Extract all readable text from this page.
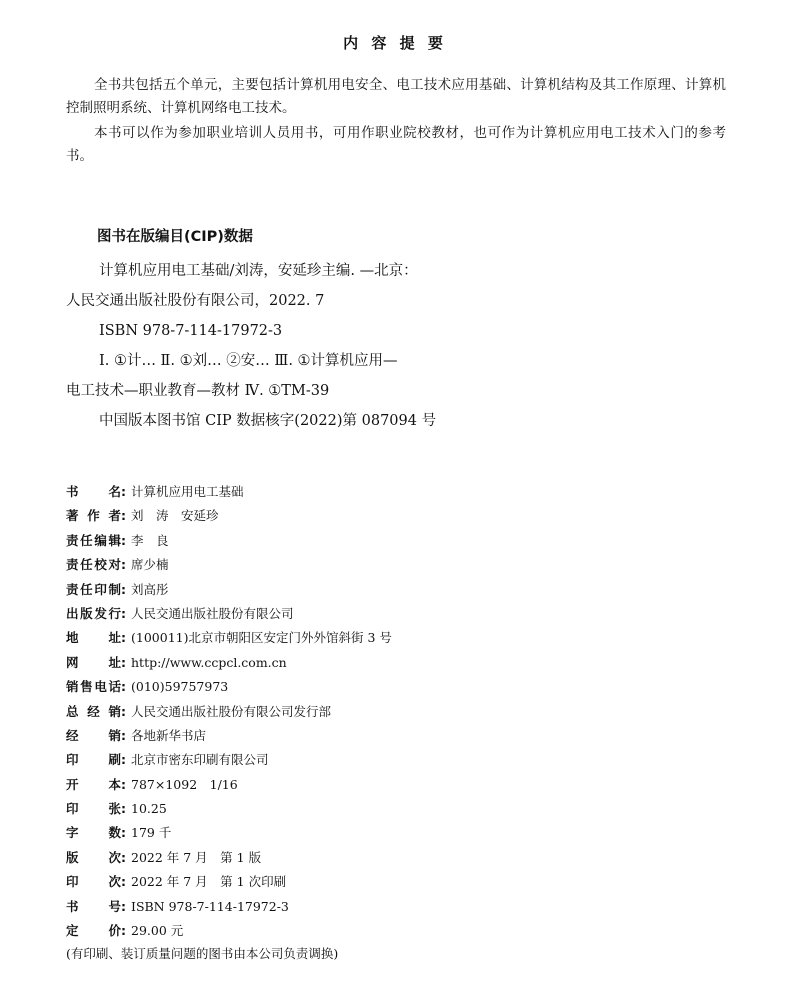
内 容 提 要

全书共包括五个单元，主要包括计算机用电安全、电工技术应用基础、计算机结构及其工作原理、计算机控制照明系统、计算机网络电工技术。

本书可以作为参加职业培训人员用书，可用作职业院校教材，也可作为计算机应用电工技术入门的参考书。

图书在版编目(CIP)数据
计算机应用电工基础/刘涛，安延珍主编. —北京：
人民交通出版社股份有限公司，2022. 7
ISBN 978-7-114-17972-3
Ⅰ. ①计… Ⅱ. ①刘… ②安… Ⅲ. ①计算机应用—
电工技术—职业教育—教材 Ⅳ. ①TM-39
中国版本图书馆 CIP 数据核字(2022)第 087094 号
书名: 计算机应用电工基础
著作者: 刘　涛　安延珍
责任编辑: 李　良
责任校对: 席少楠
责任印制: 刘高彤
出版发行: 人民交通出版社股份有限公司
地址: (100011)北京市朝阳区安定门外外馆斜街 3 号
网址: http://www.ccpcl.com.cn
销售电话: (010)59757973
总经销: 人民交通出版社股份有限公司发行部
经销: 各地新华书店
印刷: 北京市密东印刷有限公司
开本: 787×1092　1/16
印张: 10.25
字数: 179 千
版次: 2022 年 7 月　第 1 版
印次: 2022 年 7 月　第 1 次印刷
书号: ISBN 978-7-114-17972-3
定价: 29.00 元
(有印刷、装订质量问题的图书由本公司负责调换)
